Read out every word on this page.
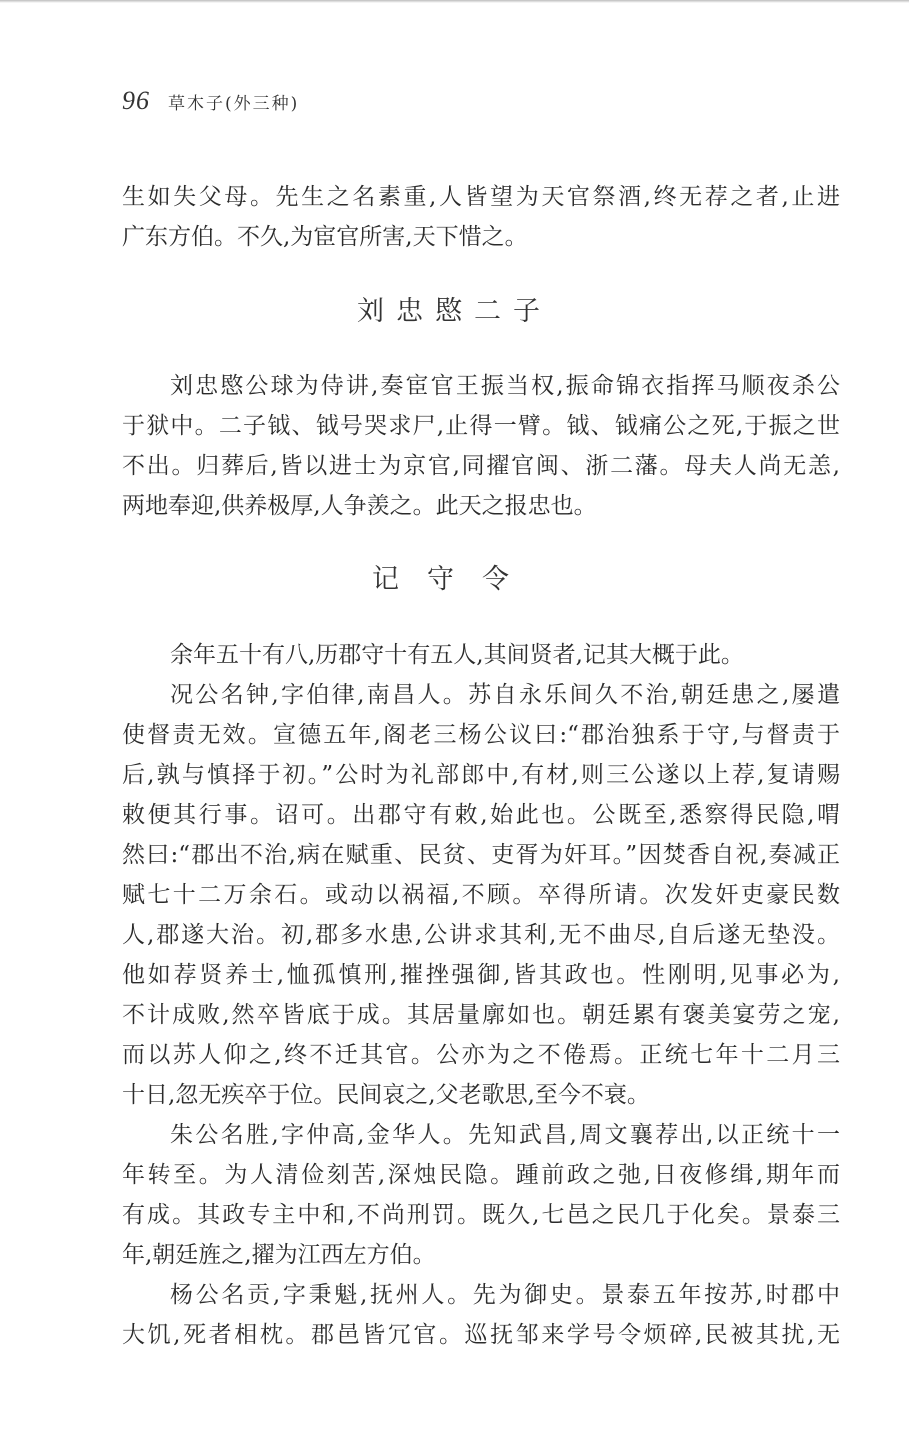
96 草木子(外三种)
生如失父母。先生之名素重,人皆望为天官祭酒,终无荐之者,止进
广东方伯。不久,为宦官所害,天下惜之。
刘忠愍二子
刘忠愍公球为侍讲,奏宦官王振当权,振命锦衣指挥马顺夜杀公
于狱中。二子钺、钺号哭求尸,止得一臂。钺、钺痛公之死,于振之世
不出。归葬后,皆以进士为京官,同擢官闽、浙二藩。母夫人尚无恙,
两地奉迎,供养极厚,人争羡之。此天之报忠也。
记守令
余年五十有八,历郡守十有五人,其间贤者,记其大概于此。
况公名钟,字伯律,南昌人。苏自永乐间久不治,朝廷患之,屡遣
使督责无效。宣德五年,阁老三杨公议曰:“郡治独系于守,与督责于
后,孰与慎择于初。”公时为礼部郎中,有材,则三公遂以上荐,复请赐
敕便其行事。诏可。出郡守有敕,始此也。公既至,悉察得民隐,喟
然曰:“郡出不治,病在赋重、民贫、吏胥为奸耳。”因焚香自祝,奏减正
赋七十二万余石。或动以祸福,不顾。卒得所请。次发奸吏豪民数
人,郡遂大治。初,郡多水患,公讲求其利,无不曲尽,自后遂无垫没。
他如荐贤养士,恤孤慎刑,摧挫强御,皆其政也。性刚明,见事必为,
不计成败,然卒皆底于成。其居量廓如也。朝廷累有褒美宴劳之宠,
而以苏人仰之,终不迁其官。公亦为之不倦焉。正统七年十二月三
十日,忽无疾卒于位。民间哀之,父老歌思,至今不衰。
朱公名胜,字仲高,金华人。先知武昌,周文襄荐出,以正统十一
年转至。为人清俭刻苦,深烛民隐。踵前政之弛,日夜修缉,期年而
有成。其政专主中和,不尚刑罚。既久,七邑之民几于化矣。景泰三
年,朝廷旌之,擢为江西左方伯。
杨公名贡,字秉魁,抚州人。先为御史。景泰五年按苏,时郡中
大饥,死者相枕。郡邑皆冗官。巡抚邹来学号令烦碎,民被其扰,无
